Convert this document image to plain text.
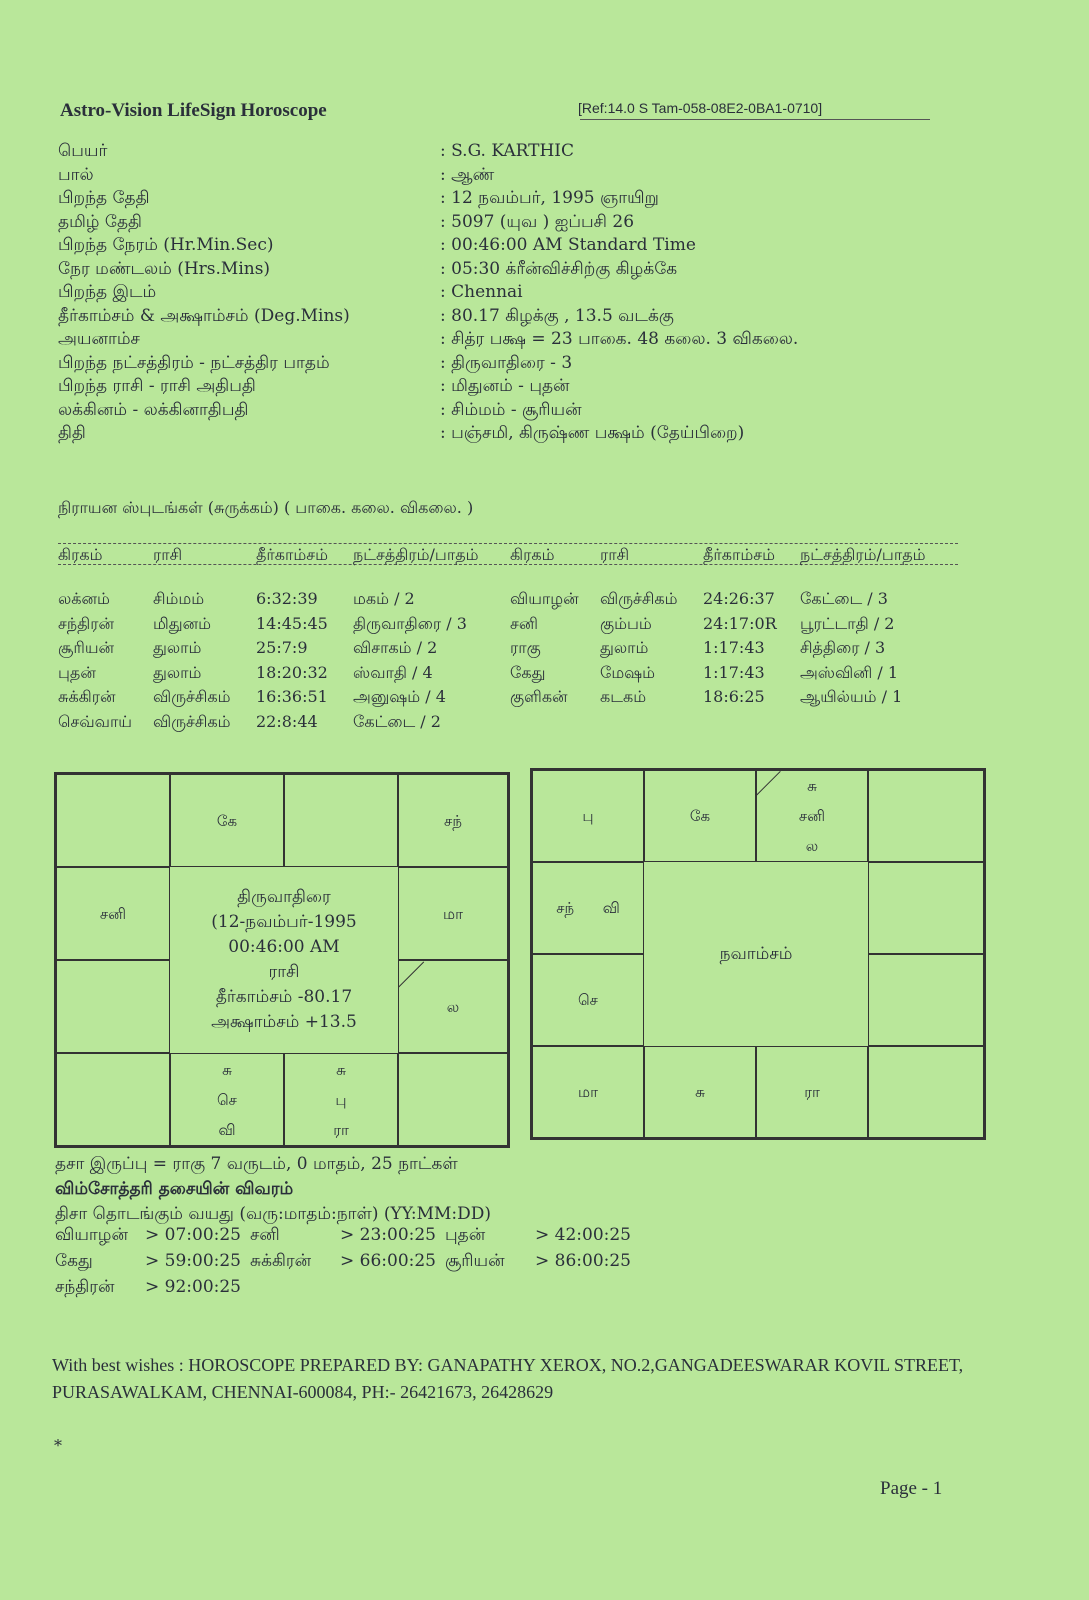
Astro-Vision LifeSign Horoscope	[Ref:14.0 S Tam-058-08E2-0BA1-0710]
பெயர்	: S.G. KARTHIC
பால்	: ஆண்
பிறந்த தேதி	: 12 நவம்பர், 1995 ஞாயிறு
தமிழ் தேதி	: 5097 (யுவ ) ஐப்பசி 26
பிறந்த நேரம் (Hr.Min.Sec)	: 00:46:00 AM Standard Time
நேர மண்டலம் (Hrs.Mins)	: 05:30 க்ரீன்விச்சிற்கு கிழக்கே
பிறந்த இடம்	: Chennai
தீர்காம்சம் & அக்ஷாம்சம் (Deg.Mins)	: 80.17 கிழக்கு , 13.5 வடக்கு
அயனாம்ச	: சித்ர பக்ஷ = 23 பாகை. 48 கலை. 3 விகலை.
பிறந்த நட்சத்திரம் - நட்சத்திர பாதம்	: திருவாதிரை - 3
பிறந்த ராசி - ராசி அதிபதி	: மிதுனம் - புதன்
லக்கினம் - லக்கினாதிபதி	: சிம்மம் - சூரியன்
திதி	: பஞ்சமி, கிருஷ்ண பக்ஷம் (தேய்பிறை)
நிராயன ஸ்புடங்கள் (சுருக்கம்) ( பாகை. கலை. விகலை. )
கிரகம்	ராசி	தீர்காம்சம்	நட்சத்திரம்/பாதம்	கிரகம்	ராசி	தீர்காம்சம்	நட்சத்திரம்/பாதம்
லக்னம்	சிம்மம்	6:32:39	மகம் / 2	வியாழன்	விருச்சிகம்	24:26:37	கேட்டை / 3
சந்திரன்	மிதுனம்	14:45:45	திருவாதிரை / 3	சனி	கும்பம்	24:17:0R	பூரட்டாதி / 2
சூரியன்	துலாம்	25:7:9	விசாகம் / 2	ராகு	துலாம்	1:17:43	சித்திரை / 3
புதன்	துலாம்	18:20:32	ஸ்வாதி / 4	கேது	மேஷம்	1:17:43	அஸ்வினி / 1
சுக்கிரன்	விருச்சிகம்	16:36:51	அனுஷம் / 4	குளிகன்	கடகம்	18:6:25	ஆயில்யம் / 1
செவ்வாய்	விருச்சிகம்	22:8:44	கேட்டை / 2
கே	சந்
சனி	மா
ல
சு
செ
வி
சு
பு
ரா
திருவாதிரை
(12-நவம்பர்-1995
00:46:00 AM
ராசி
தீர்காம்சம் -80.17
அக்ஷாம்சம் +13.5
பு	கே
சு
சனி
ல
சந்      வி
செ
மா	சு	ரா
நவாம்சம்
தசா இருப்பு = ராகு 7 வருடம், 0 மாதம், 25 நாட்கள்
விம்சோத்தரி தசையின் விவரம்
திசா தொடங்கும் வயது (வரு:மாதம்:நாள்) (YY:MM:DD)
வியாழன்	> 07:00:25 சனி	> 23:00:25 புதன்	> 42:00:25
கேது	> 59:00:25 சுக்கிரன்	> 66:00:25 சூரியன்	> 86:00:25
சந்திரன்	> 92:00:25
With best wishes : HOROSCOPE PREPARED BY: GANAPATHY XEROX, NO.2,GANGADEESWARAR KOVIL STREET, PURASAWALKAM, CHENNAI-600084, PH:- 26421673, 26428629
*
Page - 1
